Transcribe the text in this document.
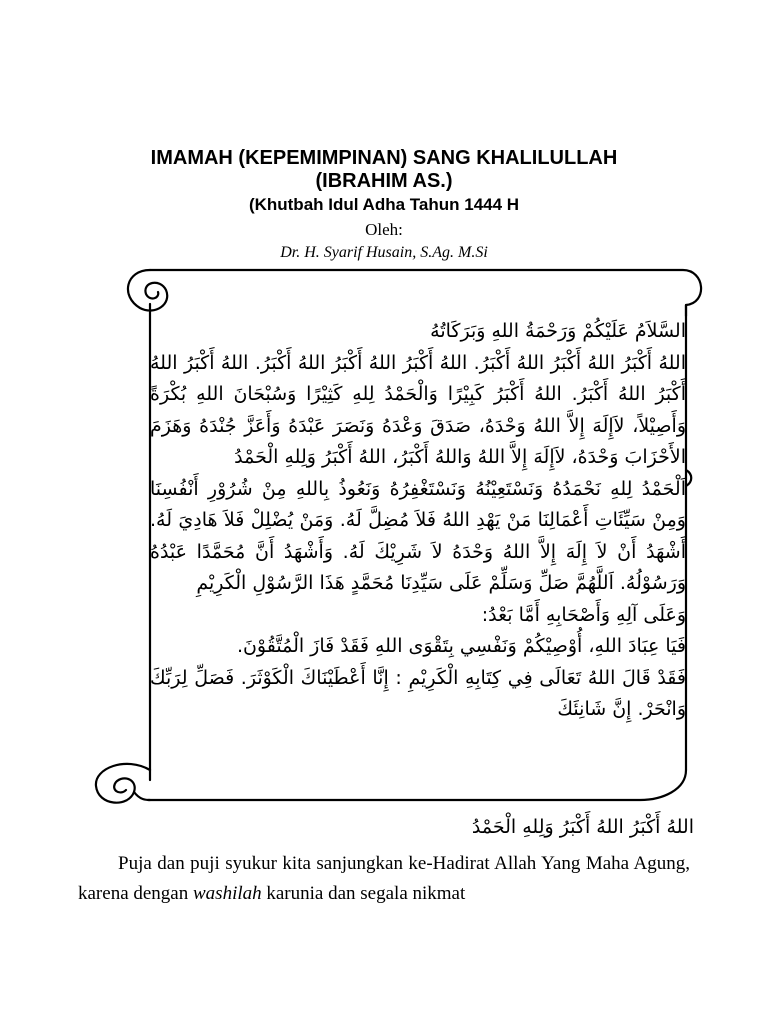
IMAMAH (KEPEMIMPINAN) SANG KHALILULLAH
(IBRAHIM AS.)
(Khutbah Idul Adha Tahun 1444 H
Oleh:
Dr. H. Syarif Husain, S.Ag. M.Si

السَّلاَمُ عَلَيْكُمْ وَرَحْمَةُ اللهِ وَبَرَكَاتُهُ

اللهُ أَكْبَرُ اللهُ أَكْبَرُ اللهُ أَكْبَرُ. اللهُ أَكْبَرُ اللهُ أَكْبَرُ اللهُ أَكْبَرُ. اللهُ أَكْبَرُ اللهُ أَكْبَرُ اللهُ أَكْبَرُ. اللهُ أَكْبَرُ كَبِيْرًا وَالْحَمْدُ لِلهِ كَثِيْرًا وَسُبْحَانَ اللهِ بُكْرَةً وَأَصِيْلاً، لاَإِلَهَ إِلاَّ اللهُ وَحْدَهُ، صَدَقَ وَعْدَهُ وَنَصَرَ عَبْدَهُ وَأَعَزَّ جُنْدَهُ وَهَزَمَ الأَحْزَابَ وَحْدَهُ، لاَإِلَهَ إِلاَّ اللهُ وَاللهُ أَكْبَرُ، اللهُ أَكْبَرُ وَلِلهِ الْحَمْدُ

اَلْحَمْدُ لِلهِ نَحْمَدُهُ وَنَسْتَعِيْنُهُ وَنَسْتَغْفِرُهُ وَنَعُوذُ بِاللهِ مِنْ شُرُوْرِ أَنْفُسِنَا وَمِنْ سَيِّئَاتِ أَعْمَالِنَا مَنْ يَهْدِ اللهُ فَلاَ مُضِلَّ لَهُ. وَمَنْ يُضْلِلْ فَلاَ هَادِيَ لَهُ. أَشْهَدُ أَنْ لاَ إِلَهَ إِلاَّ اللهُ وَحْدَهُ لاَ شَرِيْكَ لَهُ. وَأَشْهَدُ أَنَّ مُحَمَّدًا عَبْدُهُ وَرَسُوْلُهُ. اَللَّهُمَّ صَلِّ وَسَلِّمْ عَلَى سَيِّدِنَا مُحَمَّدٍ هَذَا الرَّسُوْلِ الْكَرِيْمِ

وَعَلَى آلِهِ وَأَصْحَابِهِ أَمَّا بَعْدُ:

فَيَا عِبَادَ اللهِ، أُوْصِيْكُمْ وَنَفْسِي بِتَقْوَى اللهِ فَقَدْ فَازَ الْمُتَّقُوْنَ.

فَقَدْ قَالَ اللهُ تَعَالَى فِي كِتَابِهِ الْكَرِيْمِ : إِنَّا أَعْطَيْنَاكَ الْكَوْثَرَ. فَصَلِّ لِرَبِّكَ وَانْحَرْ. إِنَّ شَانِئَكَ

اللهُ أَكْبَرُ اللهُ أَكْبَرُ وَلِلهِ الْحَمْدُ

Puja dan puji syukur kita sanjungkan ke-Hadirat Allah Yang Maha Agung, karena dengan washilah karunia dan segala nikmat
